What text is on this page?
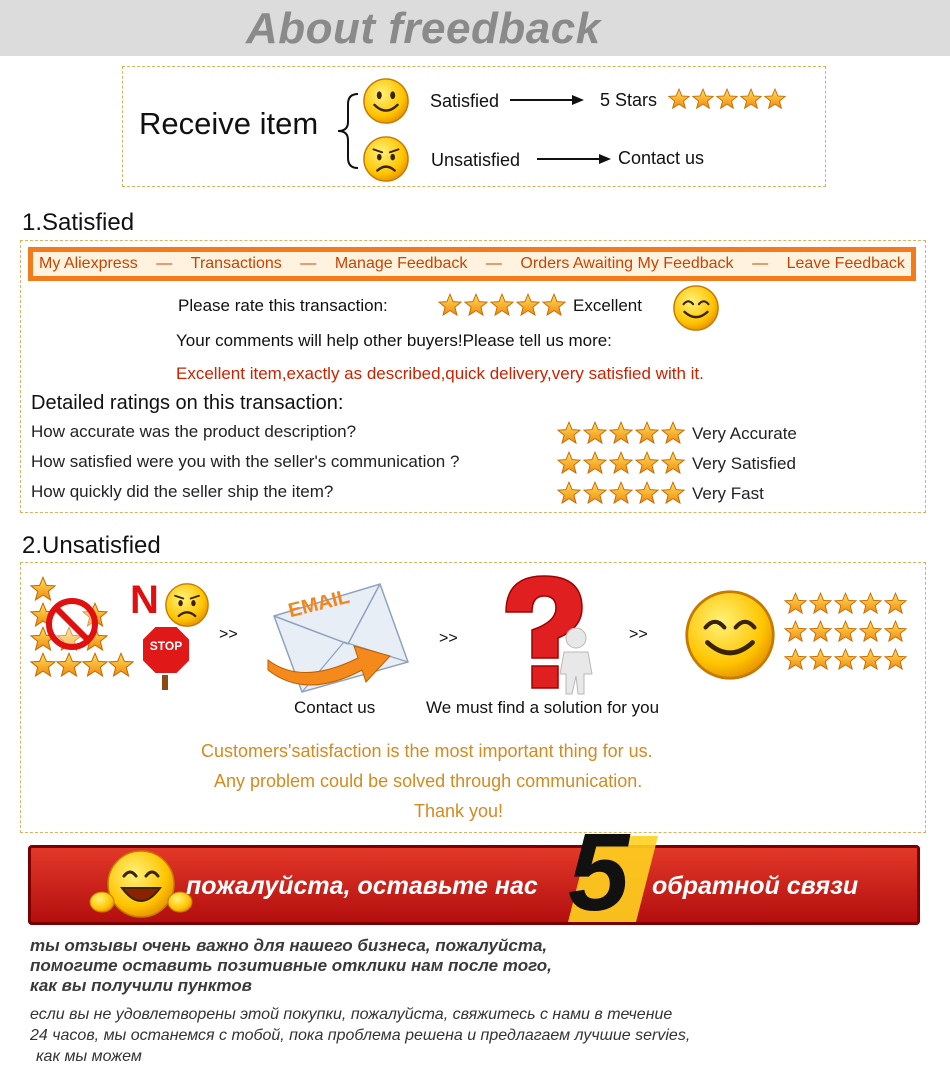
About freedback
Receive item
Satisfied	5 Stars
Unsatisfied	Contact us
1.Satisfied
My Aliexpress — Transactions — Manage Feedback — Orders Awaiting My Feedback — Leave Feedback
Please rate this transaction:	Excellent
Your comments will help other buyers!Please tell us more:
Excellent item,exactly as described,quick delivery,very satisfied with it.
Detailed ratings on this transaction:
How accurate was the product description?	Very Accurate
How satisfied were you with the seller's communication ?	Very Satisfied
How quickly did the seller ship the item?	Very Fast
2.Unsatisfied
N
STOP
>>
EMAIL
Contact us
>>
We must find a solution for you
>>
Customers'satisfaction is the most important thing for us.
Any problem could be solved through communication.
Thank you!
пожалуйста, оставьте нас 5 обратной связи
ты отзывы очень важно для нашего бизнеса, пожалуйста,
помогите оставить позитивные отклики нам после того,
как вы получили пунктов
если вы не удовлетворены этой покупки, пожалуйста, свяжитесь с нами в течение
24 часов, мы останемся с тобой, пока проблема решена и предлагаем лучшие servies,
как мы можем
